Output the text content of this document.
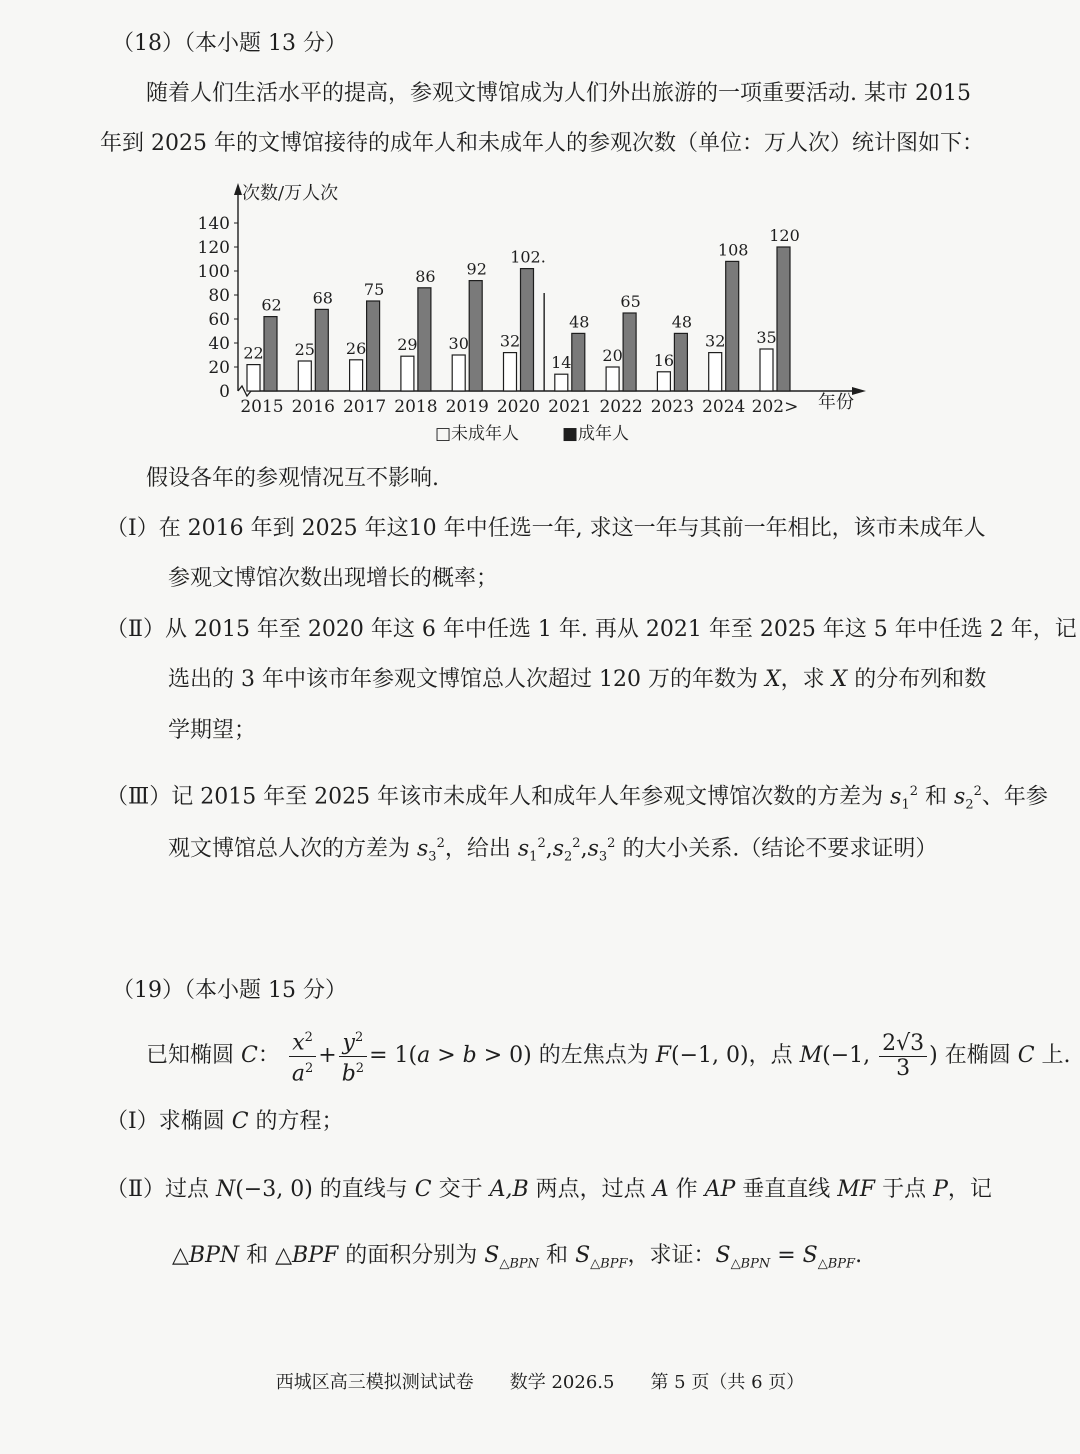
（18）（本小题 13 分）
随着人们生活水平的提高，参观文博馆成为人们外出旅游的一项重要活动. 某市 2015
年到 2025 年的文博馆接待的成年人和未成年人的参观次数（单位：万人次）统计图如下：
0
20
40
60
80
100
120
140
22
62
25
68
26
75
29
86
30
92
32
102.
14
48
20
65
16
48
32
108
35
120
2015 2016 2017 2018 2019 2020 2021 2022 2023 2024 202>
次数/万人次
年份
□未成年人	■成年人
假设各年的参观情况互不影响.
（Ⅰ）在 2016 年到 2025 年这10 年中任选一年, 求这一年与其前一年相比，该市未成年人
参观文博馆次数出现增长的概率；
（Ⅱ）从 2015 年至 2020 年这 6 年中任选 1 年. 再从 2021 年至 2025 年这 5 年中任选 2 年，记
选出的 3 年中该市年参观文博馆总人次超过 120 万的年数为 X，求 X 的分布列和数
学期望；
（Ⅲ）记 2015 年至 2025 年该市未成年人和成年人年参观文博馆次数的方差为 $s_1^2$ 和 $s_2^2$、年参
观文博馆总人次的方差为 $s_3^2$，给出 $s_1^2,s_2^2,s_3^2$ 的大小关系.（结论不要求证明）
（19）（本小题 15 分）
已知椭圆 C： $\frac{x^2}{a^2} + \frac{y^2}{b^2} = 1(a > b > 0)$ 的左焦点为 F(−1, 0)，点 M(−1, $\frac{2√3}{3}$ ) 在椭圆 C 上.
（Ⅰ）求椭圆 C 的方程；
（Ⅱ）过点 N(−3, 0) 的直线与 C 交于 A,B 两点，过点 A 作 AP 垂直直线 MF 于点 P，记
△BPN 和 △BPF 的面积分别为 $S_{\triangle BPN}$ 和 $S_{\triangle BPF}$，求证：$S_{\triangle BPN} = S_{\triangle BPF}$.
西城区高三模拟测试试卷　　数学 2026.5　　第 5 页（共 6 页）
